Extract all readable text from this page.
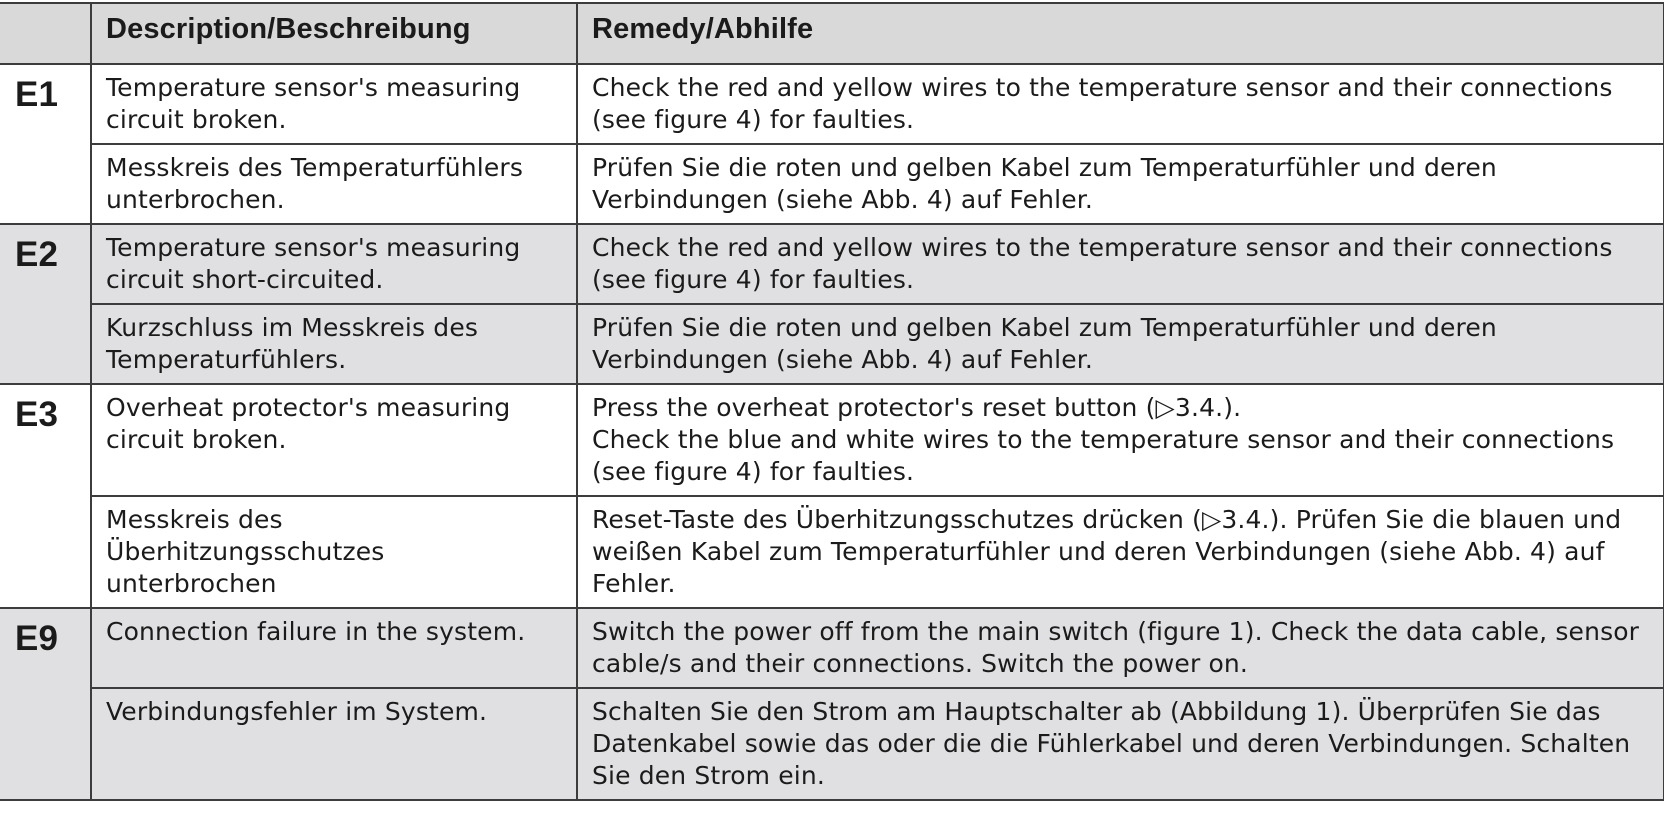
	Description/Beschreibung	Remedy/Abhilfe
E1	Temperature sensor's measuring circuit broken.	Check the red and yellow wires to the temperature sensor and their connections (see figure 4) for faulties.

	Messkreis des Temperaturfühlers unterbrochen.	Prüfen Sie die roten und gelben Kabel zum Temperaturfühler und deren Verbindungen (siehe Abb. 4) auf Fehler.

E2	Temperature sensor's measuring circuit short-circuited.	Check the red and yellow wires to the temperature sensor and their connections (see figure 4) for faulties.

	Kurzschluss im Messkreis des Temperaturfühlers.	Prüfen Sie die roten und gelben Kabel zum Temperaturfühler und deren Verbindungen (siehe Abb. 4) auf Fehler.

E3	Overheat protector's measuring circuit broken.	Press the overheat protector's reset button (▷3.4.).
Check the blue and white wires to the temperature sensor and their connections (see figure 4) for faulties.

	Messkreis des Überhitzungsschutzes unterbrochen	Reset-Taste des Überhitzungsschutzes drücken (▷3.4.). Prüfen Sie die blauen und weißen Kabel zum Temperaturfühler und deren Verbindungen (siehe Abb. 4) auf Fehler.

E9	Connection failure in the system.	Switch the power off from the main switch (figure 1). Check the data cable, sensor cable/s and their connections. Switch the power on.

	Verbindungsfehler im System.	Schalten Sie den Strom am Hauptschalter ab (Abbildung 1). Überprüfen Sie das Datenkabel sowie das oder die die Fühlerkabel und deren Verbindungen. Schalten Sie den Strom ein.
